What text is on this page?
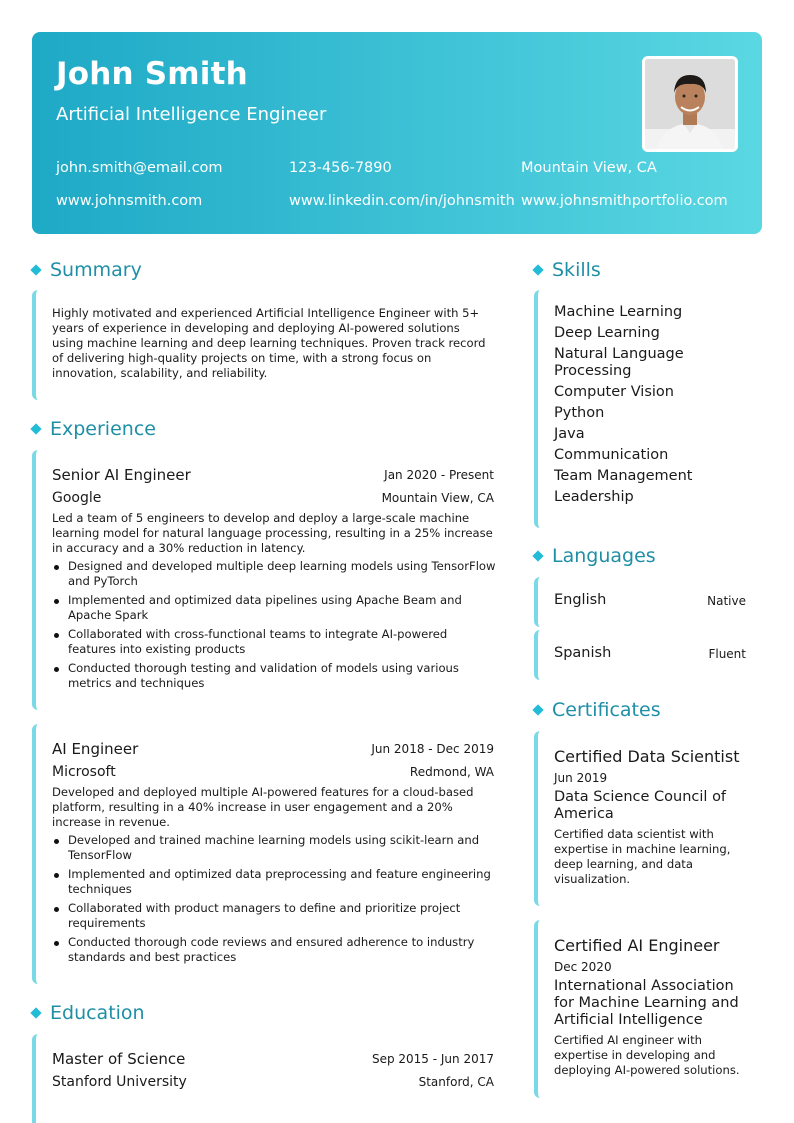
John Smith
Artificial Intelligence Engineer
john.smith@email.com	123-456-7890	Mountain View, CA
www.johnsmith.com	www.linkedin.com/in/johnsmith www.johnsmithportfolio.com
Summary
Highly motivated and experienced Artificial Intelligence Engineer with 5+ years of experience in developing and deploying AI-powered solutions using machine learning and deep learning techniques. Proven track record of delivering high-quality projects on time, with a strong focus on innovation, scalability, and reliability.
Experience
Senior AI Engineer	Jan 2020 - Present
Google	Mountain View, CA
Led a team of 5 engineers to develop and deploy a large-scale machine learning model for natural language processing, resulting in a 25% increase in accuracy and a 30% reduction in latency.
Designed and developed multiple deep learning models using TensorFlow and PyTorch
Implemented and optimized data pipelines using Apache Beam and Apache Spark
Collaborated with cross-functional teams to integrate AI-powered features into existing products
Conducted thorough testing and validation of models using various metrics and techniques
AI Engineer	Jun 2018 - Dec 2019
Microsoft	Redmond, WA
Developed and deployed multiple AI-powered features for a cloud-based platform, resulting in a 40% increase in user engagement and a 20% increase in revenue.
Developed and trained machine learning models using scikit-learn and TensorFlow
Implemented and optimized data preprocessing and feature engineering techniques
Collaborated with product managers to define and prioritize project requirements
Conducted thorough code reviews and ensured adherence to industry standards and best practices
Education
Master of Science	Sep 2015 - Jun 2017
Stanford University	Stanford, CA
Skills
Machine Learning
Deep Learning
Natural Language Processing
Computer Vision
Python
Java
Communication
Team Management
Leadership
Languages
English	Native
Spanish	Fluent
Certificates
Certified Data Scientist
Jun 2019
Data Science Council of America
Certified data scientist with expertise in machine learning, deep learning, and data visualization.
Certified AI Engineer
Dec 2020
International Association for Machine Learning and Artificial Intelligence
Certified AI engineer with expertise in developing and deploying AI-powered solutions.
